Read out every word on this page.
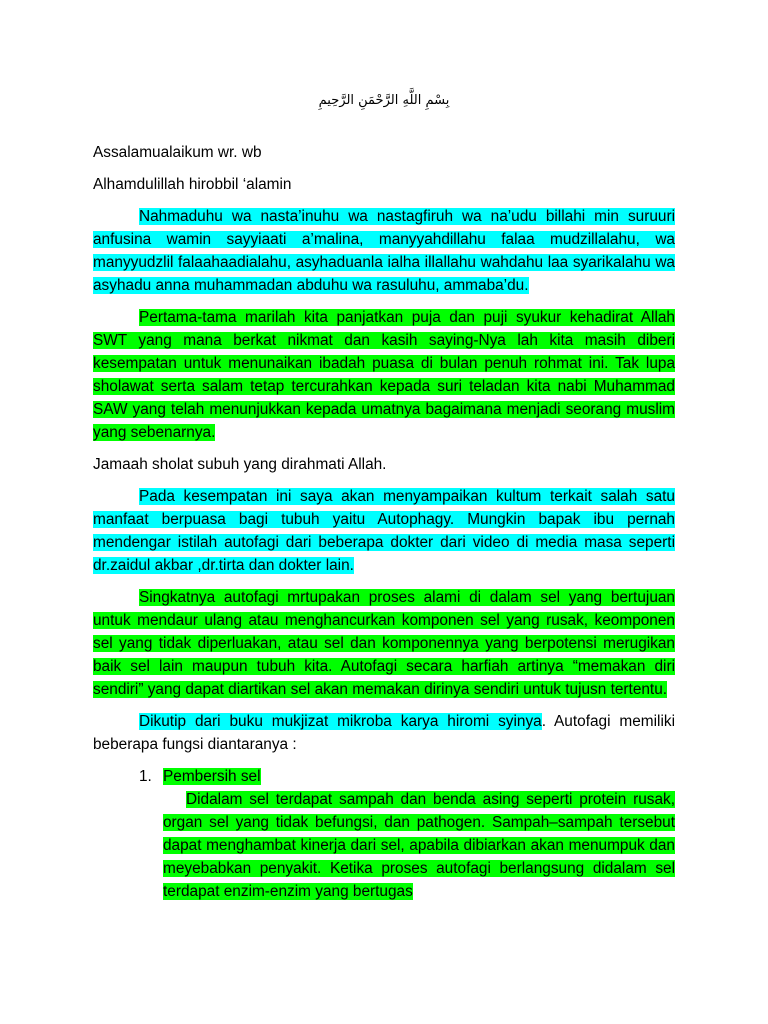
بِسْمِ اللَّهِ الرَّحْمَنِ الرَّحِيمِ

Assalamualaikum wr. wb

Alhamdulillah hirobbil ‘alamin

Nahmaduhu wa nasta’inuhu wa nastagfiruh wa na’udu billahi min suruuri anfusina wamin sayyiaati a’malina, manyyahdillahu falaa mudzillalahu, wa manyyudzlil falaahaadialahu, asyhaduanla ialha illallahu wahdahu laa syarikalahu wa asyhadu anna muhammadan abduhu wa rasuluhu, ammaba’du.

Pertama-tama marilah kita panjatkan puja dan puji syukur kehadirat Allah SWT yang mana berkat nikmat dan kasih saying-Nya lah kita masih diberi kesempatan untuk menunaikan ibadah puasa di bulan penuh rohmat ini. Tak lupa sholawat serta salam tetap tercurahkan kepada suri teladan kita nabi Muhammad SAW yang telah menunjukkan kepada umatnya bagaimana menjadi seorang muslim yang sebenarnya.

Jamaah sholat subuh yang dirahmati Allah.

Pada kesempatan ini saya akan menyampaikan kultum terkait salah satu manfaat berpuasa bagi tubuh yaitu Autophagy. Mungkin bapak ibu pernah mendengar istilah autofagi dari beberapa dokter dari video di media masa seperti dr.zaidul akbar ,dr.tirta dan dokter lain.

Singkatnya autofagi mrtupakan proses alami di dalam sel yang bertujuan untuk mendaur ulang atau menghancurkan komponen sel yang rusak, keomponen sel yang tidak diperluakan, atau sel dan komponennya yang berpotensi merugikan baik sel lain maupun tubuh kita. Autofagi secara harfiah artinya “memakan diri sendiri” yang dapat diartikan sel akan memakan dirinya sendiri untuk tujusn tertentu.

Dikutip dari buku mukjizat mikroba karya hiromi syinya. Autofagi memiliki beberapa fungsi diantaranya :

1. Pembersih sel
Didalam sel terdapat sampah dan benda asing seperti protein rusak, organ sel yang tidak befungsi, dan pathogen. Sampah–sampah tersebut dapat menghambat kinerja dari sel, apabila dibiarkan akan menumpuk dan meyebabkan penyakit. Ketika proses autofagi berlangsung didalam sel terdapat enzim-enzim yang bertugas
